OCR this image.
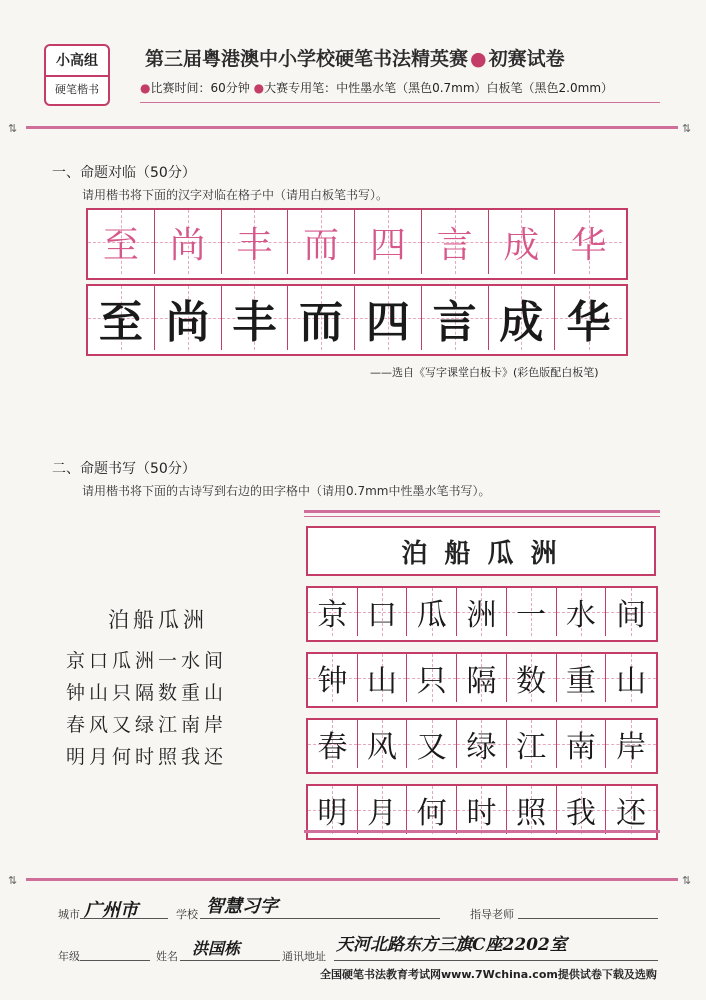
小高组
硬笔楷书
第三届粤港澳中小学校硬笔书法精英赛 ● 初赛试卷
●比赛时间：60分钟 ●大赛专用笔：中性墨水笔（黑色0.7mm）白板笔（黑色2.0mm）
⇅	⇅
一、命题对临（50分）
请用楷书将下面的汉字对临在格子中（请用白板笔书写）。
至 尚 丰 而 四 言 成 华
至 尚 丰 而 四 言 成 华
——选自《写字课堂白板卡》(彩色版配白板笔)
二、命题书写（50分）
请用楷书将下面的古诗写到右边的田字格中（请用0.7mm中性墨水笔书写）。
泊船瓜洲
京口瓜洲一水间
钟山只隔数重山
春风又绿江南岸
明月何时照我还
泊 船 瓜 洲
京 口 瓜 洲 一 水 间
钟 山 只 隔 数 重 山
春 风 又 绿 江 南 岸
明 月 何 时 照 我 还
⇅	⇅
城市 广州市	学校 智慧习字	指导老师
年级	姓名 洪国栋	通讯地址
天河北路东方三旗C座2202室
全国硬笔书法教育考试网www.7Wchina.com提供试卷下载及选购
